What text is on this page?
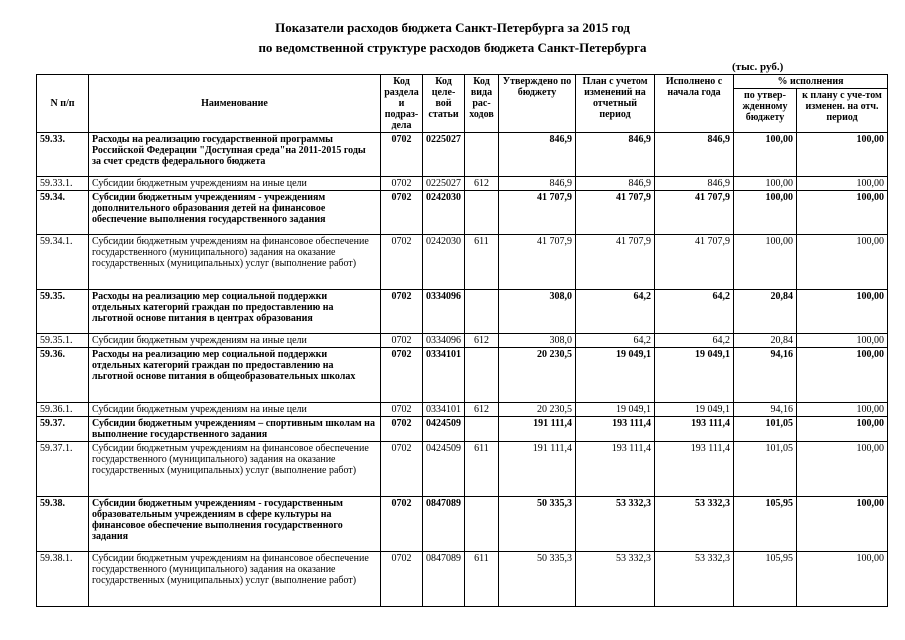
Показатели расходов бюджета Санкт-Петербурга за 2015 год
по ведомственной структуре расходов бюджета Санкт-Петербурга
(тыс. руб.)
N п/п	Наименование	Код раздела и подраз-дела	Код целе-вой статьи	Код вида рас-ходов	Утверждено по бюджету	План с учетом изменений на отчетный период	Исполнено с начала года	% исполнения	
								по утвер-жденному бюджету	к плану с уче-том изменен. на отч. период
59.33.	Расходы на реализацию государственной программы Российской Федерации "Доступная среда"на 2011-2015 годы за счет средств федерального бюджета	0702	0225027		846,9	846,9	846,9	100,00	100,00
59.33.1.	Субсидии бюджетным учреждениям на иные цели	0702	0225027	612	846,9	846,9	846,9	100,00	100,00
59.34.	Субсидии бюджетным учреждениям - учреждениям дополнительного образования детей на финансовое обеспечение выполнения государственного задания	0702	0242030		41 707,9	41 707,9	41 707,9	100,00	100,00
59.34.1.	Субсидии бюджетным учреждениям на финансовое обеспечение государственного (муниципального) задания на оказание государственных (муниципальных) услуг (выполнение работ)	0702	0242030	611	41 707,9	41 707,9	41 707,9	100,00	100,00
59.35.	Расходы на реализацию мер социальной поддержки отдельных категорий граждан по предоставлению на льготной основе питания в центрах образования	0702	0334096		308,0	64,2	64,2	20,84	100,00
59.35.1.	Субсидии бюджетным учреждениям на иные цели	0702	0334096	612	308,0	64,2	64,2	20,84	100,00
59.36.	Расходы на реализацию мер социальной поддержки отдельных категорий граждан по предоставлению на льготной основе питания в общеобразовательных школах	0702	0334101		20 230,5	19 049,1	19 049,1	94,16	100,00
59.36.1.	Субсидии бюджетным учреждениям на иные цели	0702	0334101	612	20 230,5	19 049,1	19 049,1	94,16	100,00
59.37.	Субсидии бюджетным учреждениям – спортивным школам на выполнение государственного задания	0702	0424509		191 111,4	193 111,4	193 111,4	101,05	100,00
59.37.1.	Субсидии бюджетным учреждениям на финансовое обеспечение государственного (муниципального) задания на оказание государственных (муниципальных) услуг (выполнение работ)	0702	0424509	611	191 111,4	193 111,4	193 111,4	101,05	100,00
59.38.	Субсидии бюджетным учреждениям - государственным образовательным учреждениям в сфере культуры на финансовое обеспечение выполнения государственного задания	0702	0847089		50 335,3	53 332,3	53 332,3	105,95	100,00
59.38.1.	Субсидии бюджетным учреждениям на финансовое обеспечение государственного (муниципального) задания на оказание государственных (муниципальных) услуг (выполнение работ)	0702	0847089	611	50 335,3	53 332,3	53 332,3	105,95	100,00
